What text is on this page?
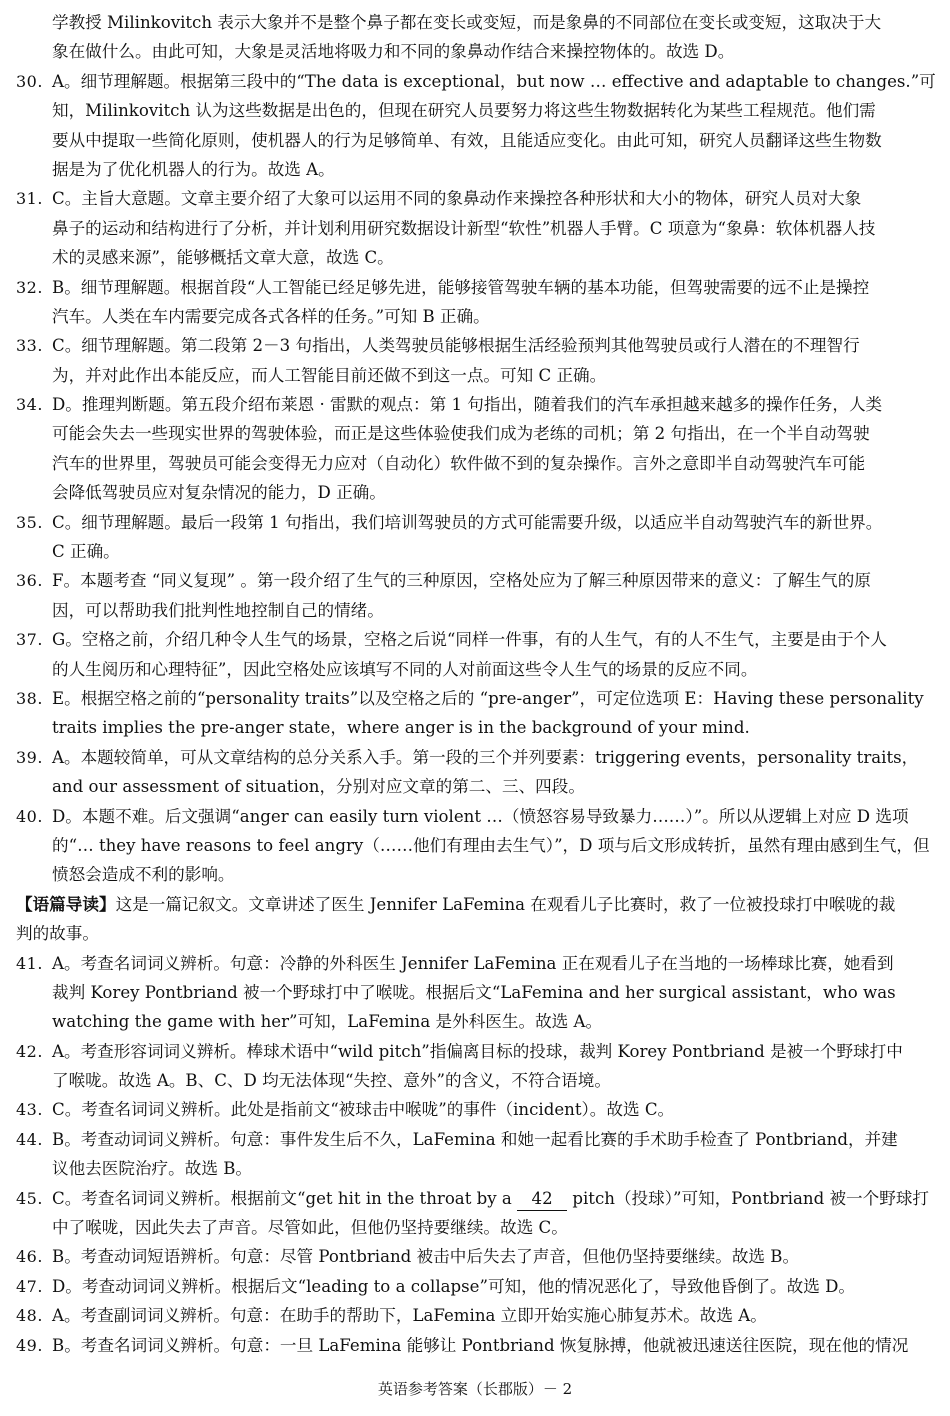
学教授 Milinkovitch 表示大象并不是整个鼻子都在变长或变短，而是象鼻的不同部位在变长或变短，这取决于大
象在做什么。由此可知，大象是灵活地将吸力和不同的象鼻动作结合来操控物体的。故选 D。
30. A。细节理解题。根据第三段中的“The data is exceptional，but now … effective and adaptable to changes.”可
知，Milinkovitch 认为这些数据是出色的，但现在研究人员要努力将这些生物数据转化为某些工程规范。他们需
要从中提取一些简化原则，使机器人的行为足够简单、有效，且能适应变化。由此可知，研究人员翻译这些生物数
据是为了优化机器人的行为。故选 A。
31. C。主旨大意题。文章主要介绍了大象可以运用不同的象鼻动作来操控各种形状和大小的物体，研究人员对大象
鼻子的运动和结构进行了分析，并计划利用研究数据设计新型“软性”机器人手臂。C 项意为“象鼻：软体机器人技
术的灵感来源”，能够概括文章大意，故选 C。
32. B。细节理解题。根据首段“人工智能已经足够先进，能够接管驾驶车辆的基本功能，但驾驶需要的远不止是操控
汽车。人类在车内需要完成各式各样的任务。”可知 B 正确。
33. C。细节理解题。第二段第 2－3 句指出，人类驾驶员能够根据生活经验预判其他驾驶员或行人潜在的不理智行
为，并对此作出本能反应，而人工智能目前还做不到这一点。可知 C 正确。
34. D。推理判断题。第五段介绍布莱恩 · 雷默的观点：第 1 句指出，随着我们的汽车承担越来越多的操作任务，人类
可能会失去一些现实世界的驾驶体验，而正是这些体验使我们成为老练的司机；第 2 句指出，在一个半自动驾驶
汽车的世界里，驾驶员可能会变得无力应对（自动化）软件做不到的复杂操作。言外之意即半自动驾驶汽车可能
会降低驾驶员应对复杂情况的能力，D 正确。
35. C。细节理解题。最后一段第 1 句指出，我们培训驾驶员的方式可能需要升级，以适应半自动驾驶汽车的新世界。
C 正确。
36. F。本题考查 “同义复现” 。第一段介绍了生气的三种原因，空格处应为了解三种原因带来的意义：了解生气的原
因，可以帮助我们批判性地控制自己的情绪。
37. G。空格之前，介绍几种令人生气的场景，空格之后说“同样一件事，有的人生气，有的人不生气，主要是由于个人
的人生阅历和心理特征”，因此空格处应该填写不同的人对前面这些令人生气的场景的反应不同。
38. E。根据空格之前的“personality traits”以及空格之后的 “pre-anger”，可定位选项 E：Having these personality
traits implies the pre-anger state，where anger is in the background of your mind.
39. A。本题较简单，可从文章结构的总分关系入手。第一段的三个并列要素：triggering events，personality traits，
and our assessment of situation，分别对应文章的第二、三、四段。
40. D。本题不难。后文强调“anger can easily turn violent …（愤怒容易导致暴力……）”。所以从逻辑上对应 D 选项
的“… they have reasons to feel angry（……他们有理由去生气）”，D 项与后文形成转折，虽然有理由感到生气，但
愤怒会造成不利的影响。
【语篇导读】这是一篇记叙文。文章讲述了医生 Jennifer LaFemina 在观看儿子比赛时，救了一位被投球打中喉咙的裁
判的故事。
41. A。考查名词词义辨析。句意：冷静的外科医生 Jennifer LaFemina 正在观看儿子在当地的一场棒球比赛，她看到
裁判 Korey Pontbriand 被一个野球打中了喉咙。根据后文“LaFemina and her surgical assistant，who was
watching the game with her”可知，LaFemina 是外科医生。故选 A。
42. A。考查形容词词义辨析。棒球术语中“wild pitch”指偏离目标的投球，裁判 Korey Pontbriand 是被一个野球打中
了喉咙。故选 A。B、C、D 均无法体现“失控、意外”的含义，不符合语境。
43. C。考查名词词义辨析。此处是指前文“被球击中喉咙”的事件（incident）。故选 C。
44. B。考查动词词义辨析。句意：事件发生后不久，LaFemina 和她一起看比赛的手术助手检查了 Pontbriand，并建
议他去医院治疗。故选 B。
45. C。考查名词词义辨析。根据前文“get hit in the throat by a 42 pitch（投球）”可知，Pontbriand 被一个野球打
中了喉咙，因此失去了声音。尽管如此，但他仍坚持要继续。故选 C。
46. B。考查动词短语辨析。句意：尽管 Pontbriand 被击中后失去了声音，但他仍坚持要继续。故选 B。
47. D。考查动词词义辨析。根据后文“leading to a collapse”可知，他的情况恶化了，导致他昏倒了。故选 D。
48. A。考查副词词义辨析。句意：在助手的帮助下，LaFemina 立即开始实施心肺复苏术。故选 A。
49. B。考查名词词义辨析。句意：一旦 LaFemina 能够让 Pontbriand 恢复脉搏，他就被迅速送往医院，现在他的情况
英语参考答案（长郡版）－ 2
